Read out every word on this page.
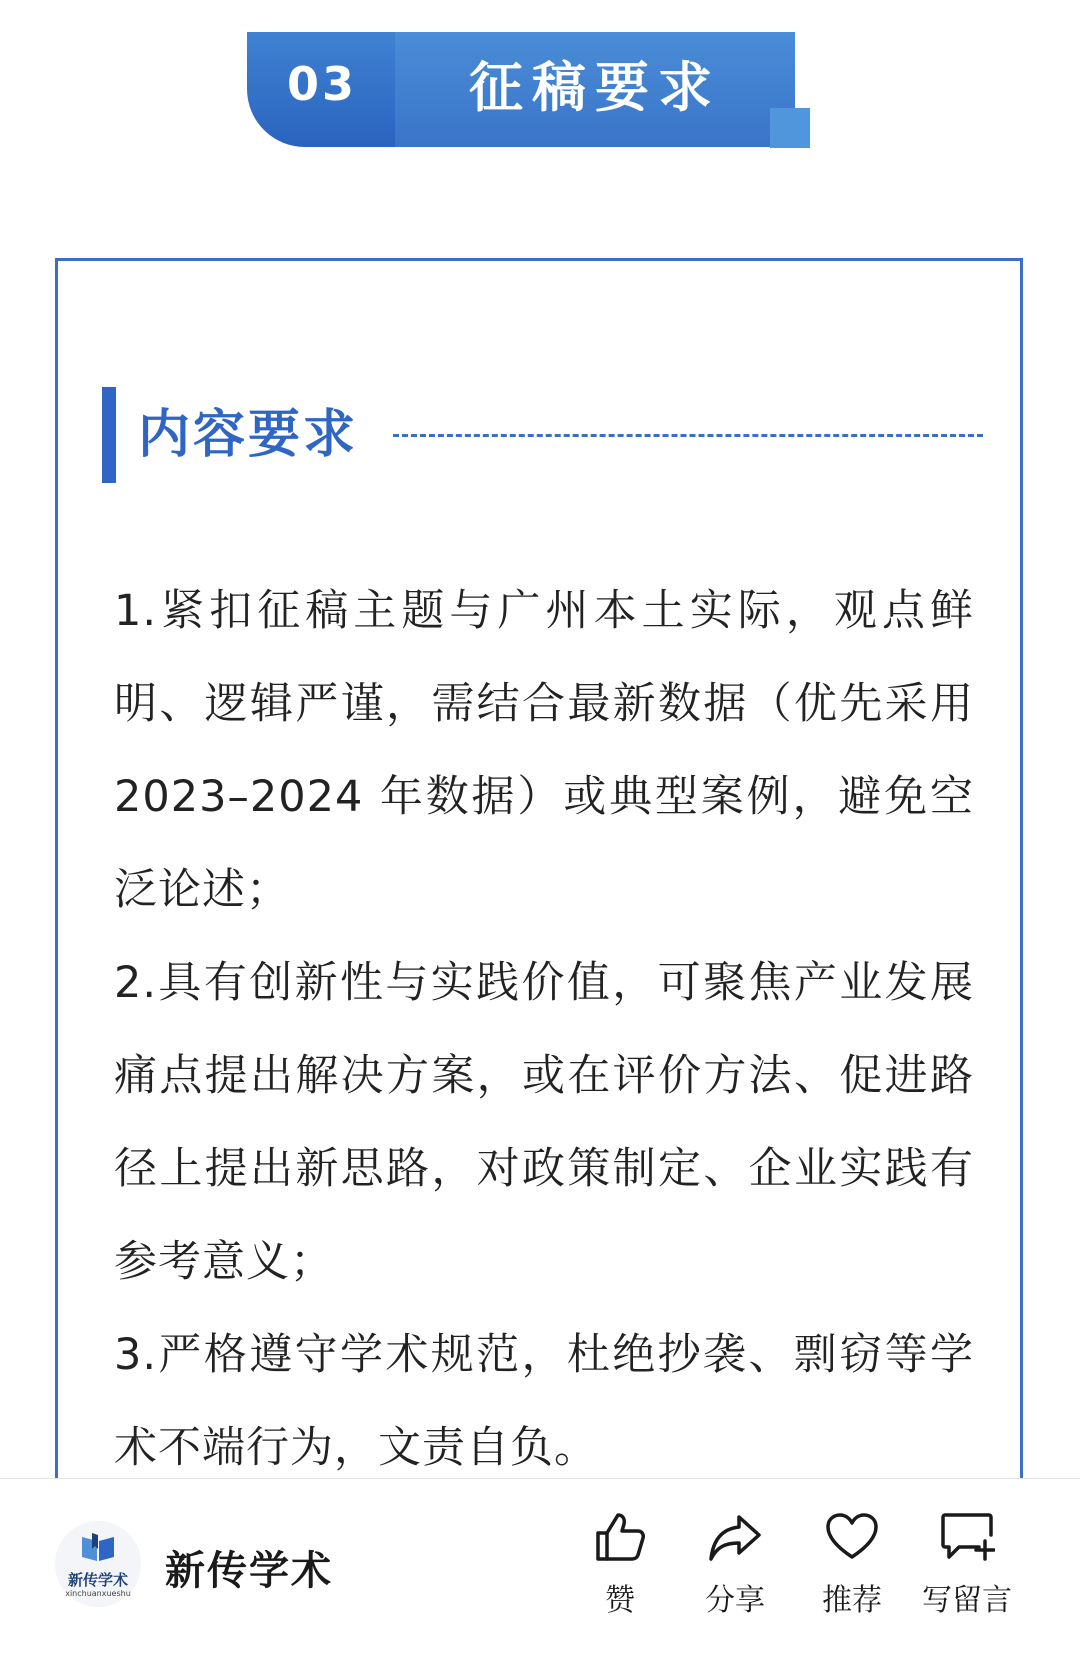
03	征稿要求
内容要求

1.紧扣征稿主题与广州本土实际，观点鲜明、逻辑严谨，需结合最新数据（优先采用 2023–2024 年数据）或典型案例，避免空泛论述；

2.具有创新性与实践价值，可聚焦产业发展痛点提出解决方案，或在评价方法、促进路径上提出新思路，对政策制定、企业实践有参考意义；

3.严格遵守学术规范，杜绝抄袭、剽窃等学术不端行为，文责自负。

新传学术
xinchuanxueshu 新传学术
赞	分享	推荐	写留言
